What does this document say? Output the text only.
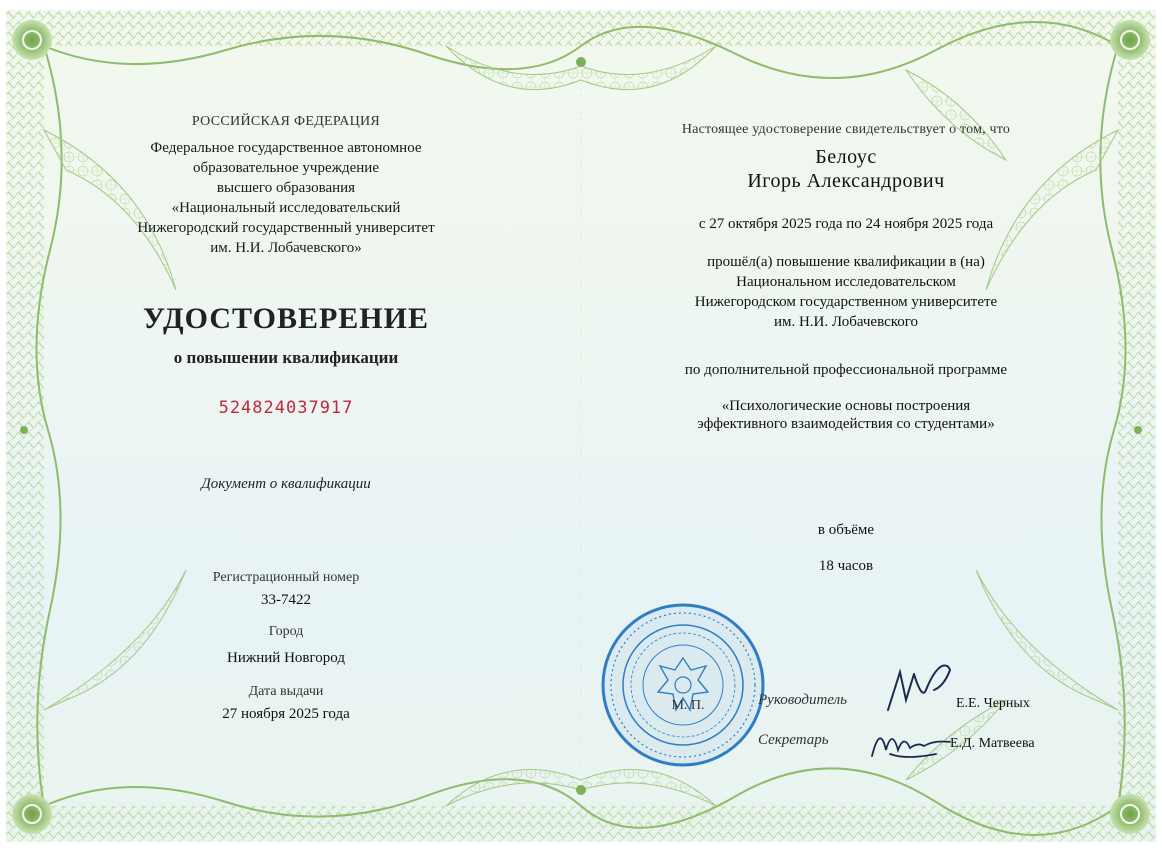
РОССИЙСКАЯ ФЕДЕРАЦИЯ
Федеральное государственное автономное
образовательное учреждение
высшего образования
«Национальный исследовательский
Нижегородский государственный университет
им. Н.И. Лобачевского»
УДОСТОВЕРЕНИЕ
о повышении квалификации
524824037917
Документ о квалификации
Регистрационный номер
33-7422
Город
Нижний Новгород
Дата выдачи
27 ноября 2025 года
Настоящее удостоверение свидетельствует о том, что
Белоус
Игорь Александрович
с 27 октября 2025 года по 24 ноября 2025 года
прошёл(а) повышение квалификации в (на)
Национальном исследовательском
Нижегородском государственном университете
им. Н.И. Лобачевского
по дополнительной профессиональной программе
«Психологические основы построения
эффективного взаимодействия со студентами»
в объёме
18 часов
М. П.	Руководитель	Е.Е. Черных
Секретарь	Е.Д. Матвеева
